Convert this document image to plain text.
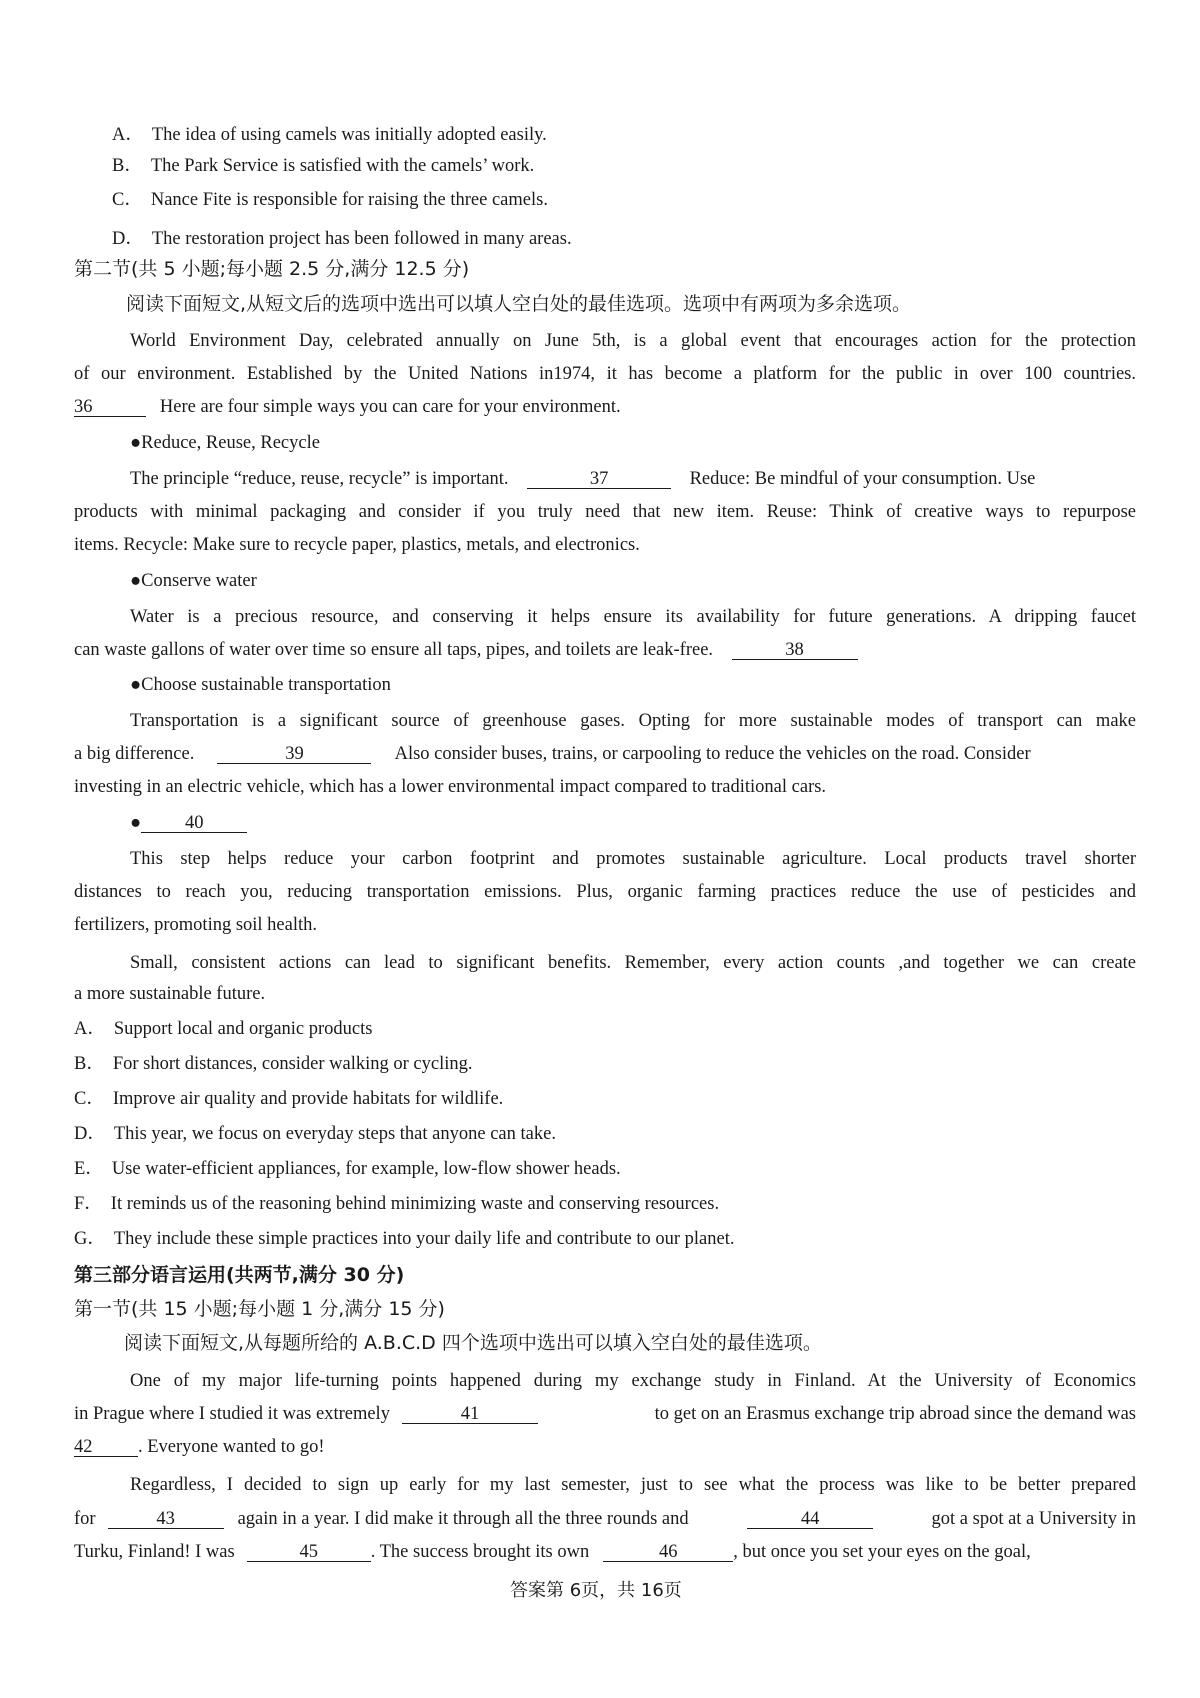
A． The idea of using camels was initially adopted easily.
B． The Park Service is satisfied with the camels’ work.
C． Nance Fite is responsible for raising the three camels.
D． The restoration project has been followed in many areas.
第二节(共 5 小题;每小题 2.5 分,满分 12.5 分)
阅读下面短文,从短文后的选项中选出可以填人空白处的最佳选项。选项中有两项为多余选项。
World Environment Day, celebrated annually on June 5th, is a global event that encourages action for the protection
of our environment. Established by the United Nations in1974, it has become a platform for the public in over 100 countries.
36	Here are four simple ways you can care for your environment.
●Reduce, Reuse, Recycle
The principle “reduce, reuse, recycle” is important.	37	Reduce: Be mindful of your consumption. Use
products with minimal packaging and consider if you truly need that new item. Reuse: Think of creative ways to repurpose
items. Recycle: Make sure to recycle paper, plastics, metals, and electronics.
●Conserve water
Water is a precious resource, and conserving it helps ensure its availability for future generations. A dripping faucet
can waste gallons of water over time so ensure all taps, pipes, and toilets are leak-free.	38
●Choose sustainable transportation
Transportation is a significant source of greenhouse gases. Opting for more sustainable modes of transport can make
a big difference.	39	Also consider buses, trains, or carpooling to reduce the vehicles on the road. Consider
investing in an electric vehicle, which has a lower environmental impact compared to traditional cars.
● 40
This step helps reduce your carbon footprint and promotes sustainable agriculture. Local products travel shorter
distances to reach you, reducing transportation emissions. Plus, organic farming practices reduce the use of pesticides and
fertilizers, promoting soil health.
Small, consistent actions can lead to significant benefits. Remember, every action counts ,and together we can create
a more sustainable future.
A． Support local and organic products
B． For short distances, consider walking or cycling.
C． Improve air quality and provide habitats for wildlife.
D． This year, we focus on everyday steps that anyone can take.
E． Use water-efficient appliances, for example, low-flow shower heads.
F． It reminds us of the reasoning behind minimizing waste and conserving resources.
G． They include these simple practices into your daily life and contribute to our planet.
第三部分语言运用(共两节,满分 30 分)
第一节(共 15 小题;每小题 1 分,满分 15 分)
阅读下面短文,从每题所给的 A.B.C.D 四个选项中选出可以填入空白处的最佳选项。
One of my major life-turning points happened during my exchange study in Finland. At the University of Economics
in Prague where I studied it was extremely	41	to get on an Erasmus exchange trip abroad since the demand was
42 . Everyone wanted to go!
Regardless, I decided to sign up early for my last semester, just to see what the process was like to be better prepared
for	43	again in a year. I did make it through all the three rounds and	44	got a spot at a University in
Turku, Finland! I was	45	. The success brought its own	46	, but once you set your eyes on the goal,
答案第 6页，共 16页
